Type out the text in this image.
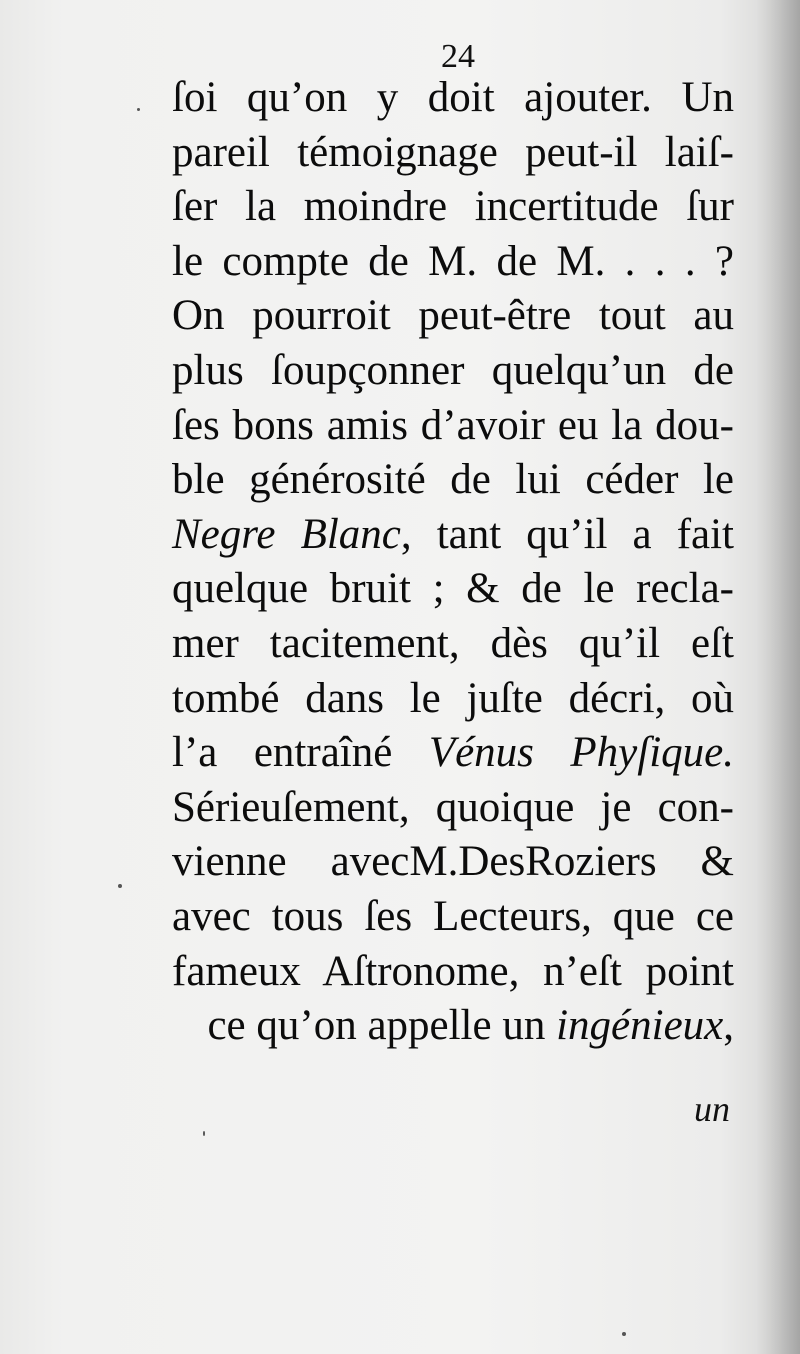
24
ſoi qu’on y doit ajouter. Un
pareil témoignage peut-il laiſ-
ſer la moindre incertitude ſur
le compte de M. de M. . . . ?
On pourroit peut-être tout au
plus ſoupçonner quelqu’un de
ſes bons amis d’avoir eu la dou-
ble générosité de lui céder le
Negre Blanc, tant qu’il a fait
quelque bruit ; & de le recla-
mer tacitement, dès qu’il eſt
tombé dans le juſte décri, où
l’a entraîné Vénus Phyſique.
Sérieuſement, quoique je con-
vienne avecM.DesRoziers &
avec tous ſes Lecteurs, que ce
fameux Aſtronome, n’eſt point
ce qu’on appelle un ingénieux,
un
